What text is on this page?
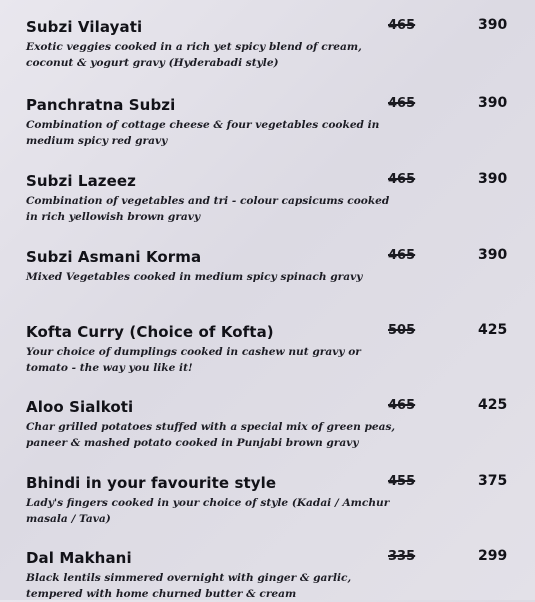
Subzi Vilayati	465	390
Exotic veggies cooked in a rich yet spicy blend of cream, coconut & yogurt gravy (Hyderabadi style)
Panchratna Subzi	465	390
Combination of cottage cheese & four vegetables cooked in medium spicy red gravy
Subzi Lazeez	465	390
Combination of vegetables and tri - colour capsicums cooked in rich yellowish brown gravy
Subzi Asmani Korma	465	390
Mixed Vegetables cooked in medium spicy spinach gravy
Kofta Curry (Choice of Kofta)	505	425
Your choice of dumplings cooked in cashew nut gravy or tomato - the way you like it!
Aloo Sialkoti	465	425
Char grilled potatoes stuffed with a special mix of green peas, paneer & mashed potato cooked in Punjabi brown gravy
Bhindi in your favourite style	455	375
Lady's fingers cooked in your choice of style (Kadai / Amchur masala / Tava)
Dal Makhani	335	299
Black lentils simmered overnight with ginger & garlic, tempered with home churned butter & cream
